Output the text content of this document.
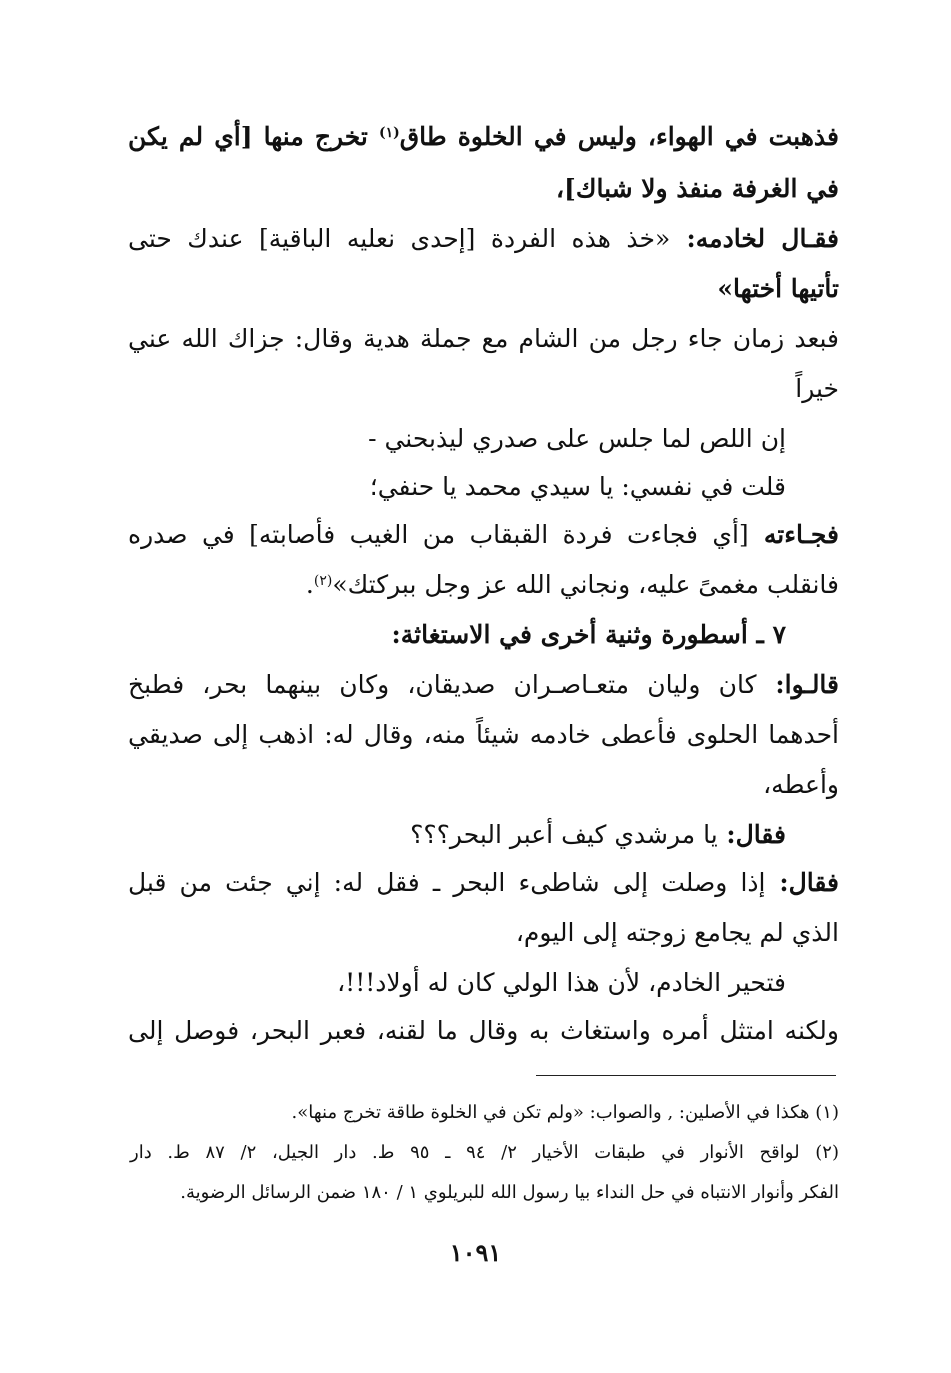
فذهبت في الهواء، وليس في الخلوة طاق$^{(١)}$ تخرج منها [أي لم يكن
في الغرفة منفذ ولا شباك]،
فقـال لخادمه: «خذ هذه الفردة [إحدى نعليه الباقية] عندك حتى
تأتيها أختها»
فبعد زمان جاء رجل من الشام مع جملة هدية وقال: جزاك الله عني
خيراً
إن اللص لما جلس على صدري ليذبحني -
قلت في نفسي: يا سيدي محمد يا حنفي؛
فجـاءته [أي فجاءت فردة القبقاب من الغيب فأصابته] في صدره
فانقلب مغمىً عليه، ونجاني الله عز وجل ببركتك»$^{(٢)}$.
٧ ـ أسطورة وثنية أخرى في الاستغاثة:
قالـوا: كان وليان متعـاصـران صديقان، وكان بينهما بحر، فطبخ
أحدهما الحلوى فأعطى خادمه شيئاً منه، وقال له: اذهب إلى صديقي
وأعطه،
فقال: يا مرشدي كيف أعبر البحر؟؟؟
فقال: إذا وصلت إلى شاطىء البحر ـ فقل له: إني جئت من قبل
الذي لم يجامع زوجته إلى اليوم،
فتحير الخادم، لأن هذا الولي كان له أولاد!!!،
ولكنه امتثل أمره واستغاث به وقال ما لقنه، فعبر البحر، فوصل إلى
(١) هكذا في الأصلين: , والصواب: «ولم تكن في الخلوة طاقة تخرج منها».
(٢) لواقح الأنوار في طبقات الأخيار ٢/ ٩٤ ـ ٩٥ ط. دار الجيل، ٢/ ٨٧ ط. دار
الفكر وأنوار الانتباه في حل النداء بيا رسول الله للبريلوي ١ / ١٨٠ ضمن الرسائل الرضوية.
١٠٩١
